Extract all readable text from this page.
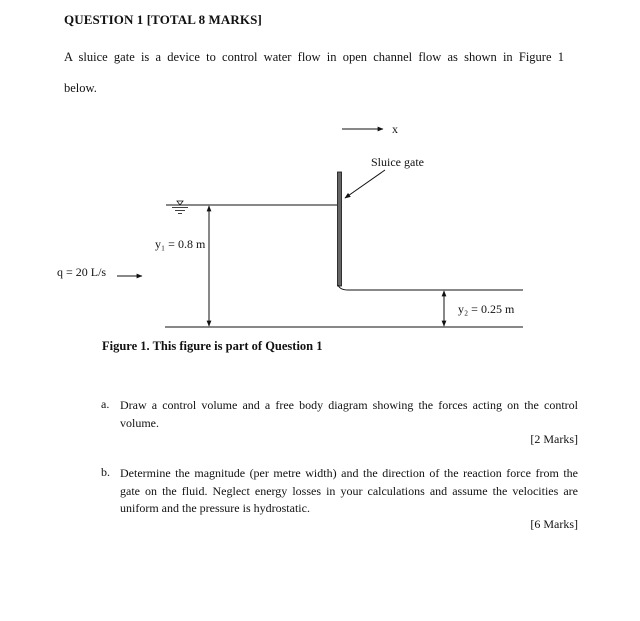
QUESTION 1 [TOTAL 8 MARKS]
A sluice gate is a device to control water flow in open channel flow as shown in Figure 1
below.
x
Sluice gate
y₁ = 0.8 m
y₂ = 0.25 m
q = 20 L/s
Figure 1. This figure is part of Question 1
a. Draw a control volume and a free body diagram showing the forces acting on the control volume.
[2 Marks]
b. Determine the magnitude (per metre width) and the direction of the reaction force from the gate on the fluid. Neglect energy losses in your calculations and assume the velocities are uniform and the pressure is hydrostatic.
[6 Marks]
